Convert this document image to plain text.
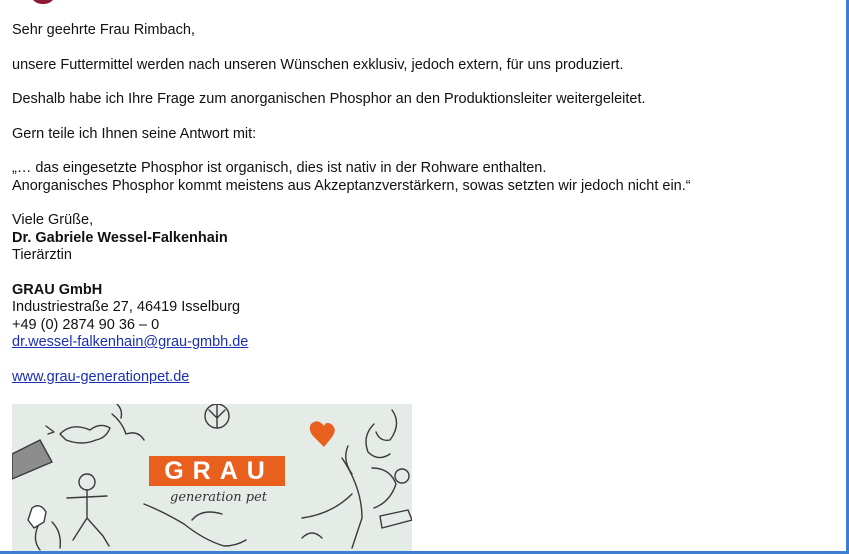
Sehr geehrte Frau Rimbach,

unsere Futtermittel werden nach unseren Wünschen exklusiv, jedoch extern, für uns produziert.

Deshalb habe ich Ihre Frage zum anorganischen Phosphor an den Produktionsleiter weitergeleitet.

Gern teile ich Ihnen seine Antwort mit:

„… das eingesetzte Phosphor ist organisch, dies ist nativ in der Rohware enthalten.

Anorganisches Phosphor kommt meistens aus Akzeptanzverstärkern, sowas setzten wir jedoch nicht ein.“

Viele Grüße,

Dr. Gabriele Wessel-Falkenhain

Tierärztin

GRAU GmbH

Industriestraße 27, 46419 Isselburg

+49 (0) 2874 90 36 – 0

dr.wessel-falkenhain@grau-gmbh.de

www.grau-generationpet.de

GRAU
generation pet
